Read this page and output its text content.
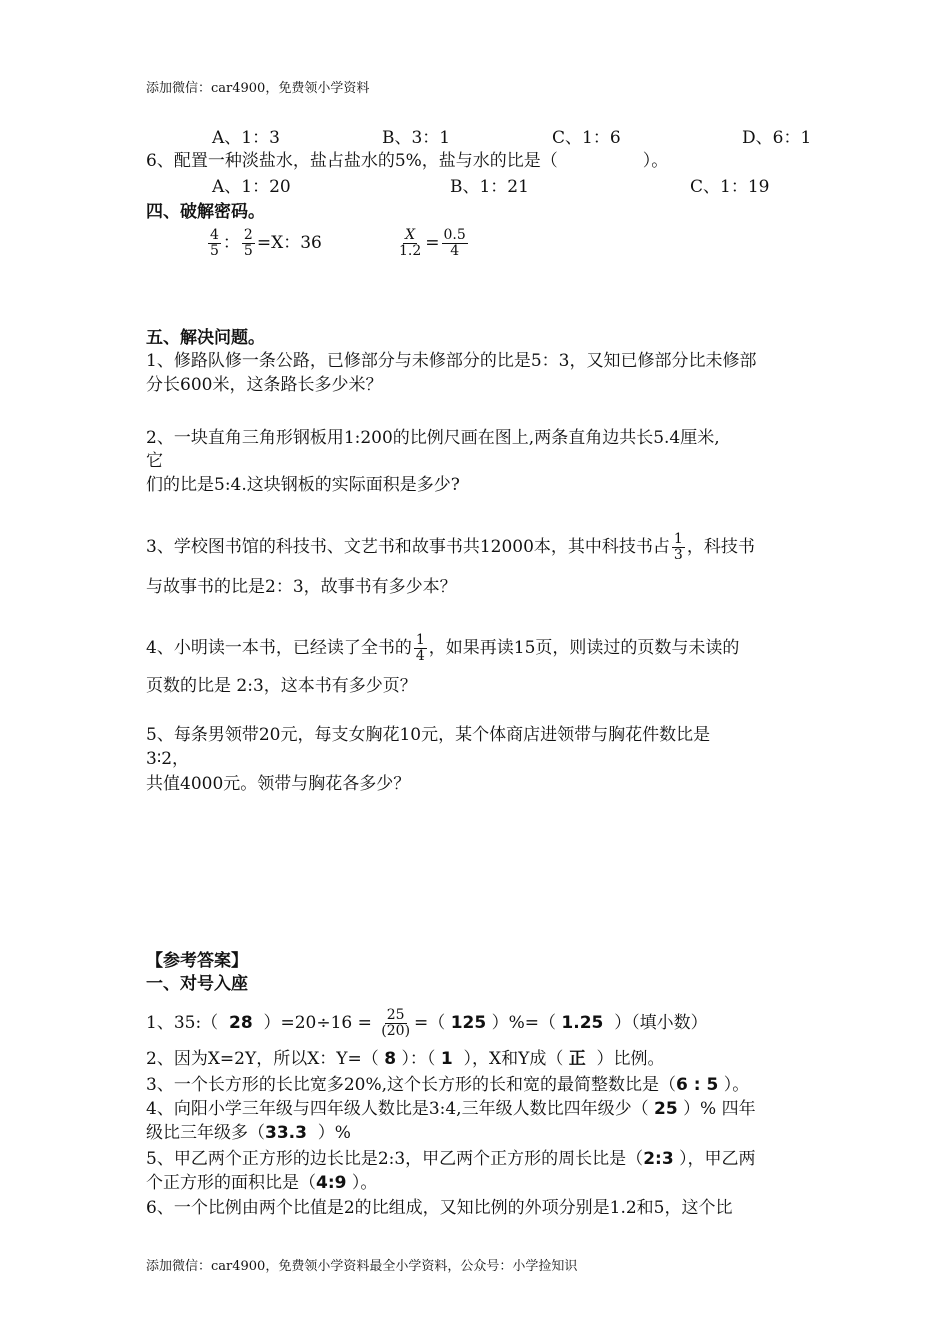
添加微信：car4900，免费领小学资料
A、1：3	B、3：1	C、1：6	D、6：1
6、配置一种淡盐水，盐占盐水的5%，盐与水的比是（　　　　　）。
A、1：20	B、1：21	C、1：19
四、破解密码。
$\frac{4}{5}$ ： $\frac{2}{5} =X$：36	$\frac{X}{1.2} = \frac{0.5}{4}$
五、解决问题。
1、修路队修一条公路，已修部分与未修部分的比是5：3，又知已修部分比未修部
分长600米，这条路长多少米？
2、一块直角三角形钢板用1:200的比例尺画在图上,两条直角边共长5.4厘米,
它
们的比是5:4.这块钢板的实际面积是多少?
3、学校图书馆的科技书、文艺书和故事书共12000本，其中科技书占 $\frac{1}{3}$ ，科技书
与故事书的比是2：3，故事书有多少本？
4、小明读一本书，已经读了全书的 $\frac{1}{4}$ ，如果再读15页，则读过的页数与未读的
页数的比是 2:3，这本书有多少页？
5、每条男领带20元，每支女胸花10元，某个体商店进领带与胸花件数比是
3∶2，
共值4000元。领带与胸花各多少？
【参考答案】
一、对号入座
1、35:（ 28 ）$=20\div 16 = \frac{25}{(20)}$ =（ 125 ）%=（ 1.25 ）（填小数）
2、因为X=2Y，所以X：Y=（ 8 ）：（ 1 ），X和Y成（ 正 ）比例。
3、一个长方形的长比宽多20%,这个长方形的长和宽的最简整数比是（6 : 5 ）。
4、向阳小学三年级与四年级人数比是3:4,三年级人数比四年级少（ 25 ）% 四年
级比三年级多（33.3 ）%
5、甲乙两个正方形的边长比是2:3，甲乙两个正方形的周长比是（2:3 ），甲乙两
个正方形的面积比是（4:9 ）。
6、一个比例由两个比值是2的比组成，又知比例的外项分别是1.2和5，这个比
添加微信：car4900，免费领小学资料最全小学资料，公众号：小学捡知识
